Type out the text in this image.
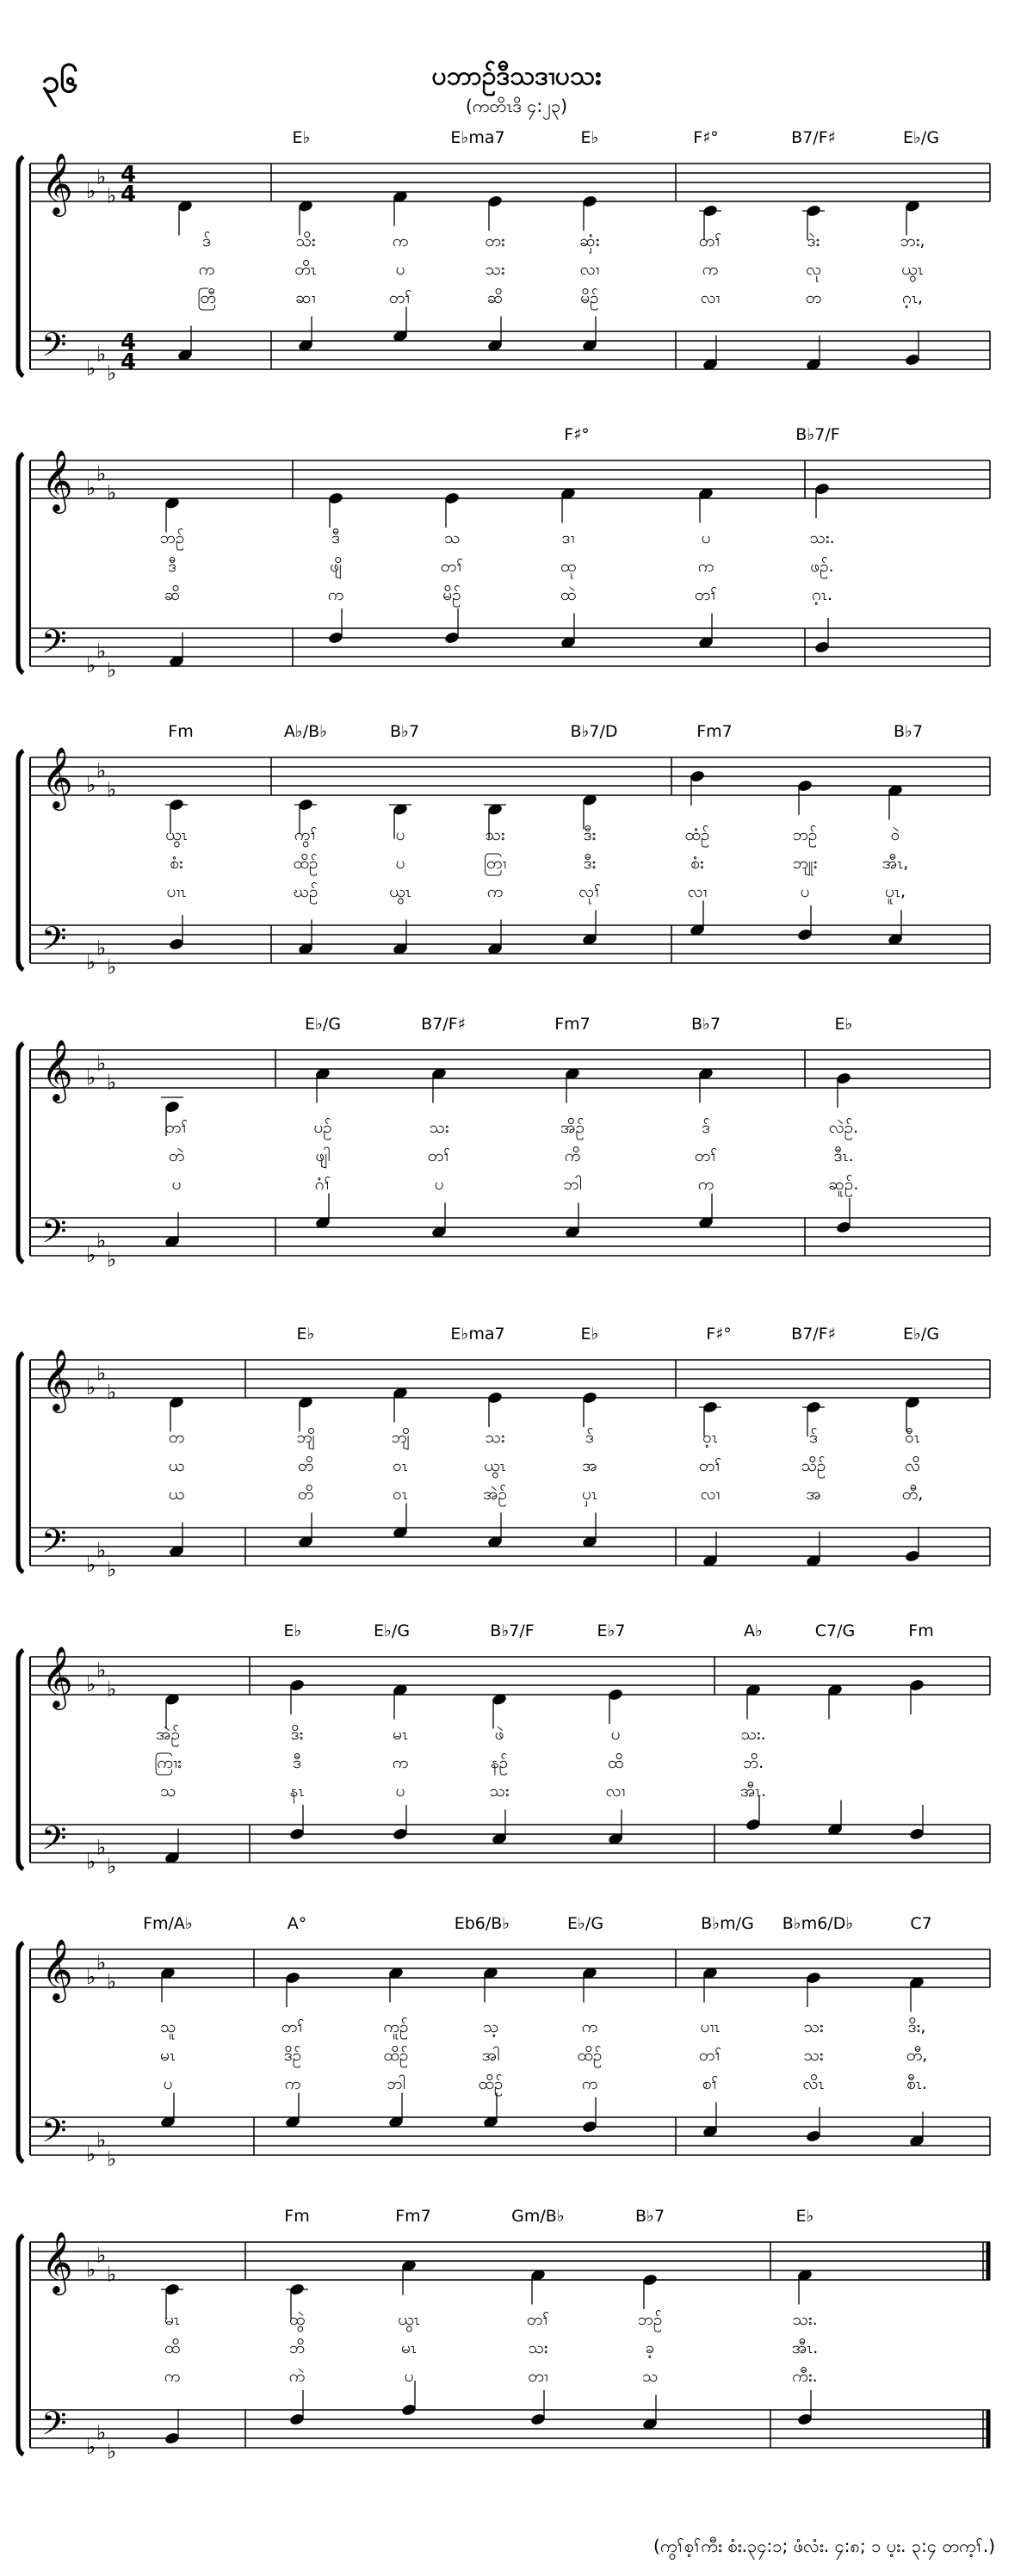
၃၆	ပဘာဉ်ဒီသဒၢပသး
(ကတိၤဒိ ၄:၂၃)
𝄞
𝄢
♭
♭
♭
♭
♭
♭
4
4
4
4
E♭	E♭ma7	E♭	F♯°	B7/F♯	E♭/G
ဒ်	သိး	က	တး	ဆှံး	တၢ်	ဒဲး	ဘး,
က	တိၤ	ပ	သး	လၢ	က	လု	ယွၤ
တြီ	ဆၢ	တၢ်	ဆိ	မိဉ်	လၢ	တ	ဂ့ၤ,
𝄞
𝄢
♭
♭
♭
♭
♭
♭
F♯°	B♭7/F
ဘဉ်	ဒီ	သ	ဒၢ	ပ	သး.
ဒီ	ဖျိ	တၢ်	ထု	က	ဖဉ်.
ဆိ	က	မိဉ်	ထဲ	တၢ်	ဂ့ၤ.
𝄞
𝄢
♭
♭
♭
♭
♭
♭
Fm	A♭/B♭	B♭7	B♭7/D	Fm7	B♭7
ယွၤ	ကွၢ်	ပ	သး	ဒီး	ထံဉ်	ဘဉ်	ဝဲ
စံး	ထိဉ်	ပ	တြၢ	ဒီး	စံး	ဘျုး	အီၤ,
ပၢၤ	ဃဉ်	ယွၤ	က	လုၢ်	လၢ	ပ	ပူၤ,
𝄞
𝄢
♭
♭
♭
♭
♭
♭
E♭/G	B7/F♯	Fm7	B♭7	E♭
တၢ်	ပဉ်	သး	အိဉ်	ဒ်	လဲဉ်.
တဲ	ဖျါ	တၢ်	ကိ	တၢ်	ဒီၤ.
ပ	ဂံၢ်	ပ	ဘါ	က	ဆူဉ်.
𝄞
𝄢
♭
♭
♭
♭
♭
♭
E♭	E♭ma7	E♭	F♯°	B7/F♯	E♭/G
တ	ဘျိ	ဘျိ	သး	ဒ်	ဝ့ၤ	ဒ်	ဝီၤ
ယ	တိ	ဝၤ	ယွၤ	အ	တၢ်	သိဉ်	လိ
ယ	တိ	ဝၤ	အဲဉ်	ပှၤ	လၢ	အ	တီ,
𝄞
𝄢
♭
♭
♭
♭
♭
♭
E♭	E♭/G	B♭7/F	E♭7	A♭	C7/G	Fm
အဲဉ်	ဒိး	မၤ	ဖဲ	ပ	သး.
ကြၢး	ဒီ	က	နဉ်	ထိ	ဘိ.
သ	နၤ	ပ	သး	လၢ	အီၤ.
𝄞
𝄢
♭
♭
♭
♭
♭
♭
Fm/A♭	A°	Eb6/B♭	E♭/G	B♭m/G B♭m6/D♭	C7
သူ	တၢ်	ကူဉ်	သ့	က	ပၢၤ	သး	ဒိး,
မၤ	ဒိဉ်	ထိဉ်	အါ	ထိဉ်	တၢ်	သး	တီ,
ပ	က	ဘါ	ထိဉ်	က	စၢ်	လိၤ	စီၤ.
𝄞
𝄢
♭
♭
♭
♭
♭
♭
Fm	Fm7	Gm/B♭	B♭7	E♭
မၤ	ထွဲ	ယွၤ	တၢ်	ဘဉ်	သး.
ထိ	ဘိ	မၤ	သး	ခ့	အီၤ.
က	ကဲ	ပ	တၢ	သ	ကီး.
(ကွၢ်စ့ၢ်ကီး စံး.၃၄:၁; ဖံလံး. ၄:၈; ၁ ပ့း. ၃:၄ တက့ၢ်.)
